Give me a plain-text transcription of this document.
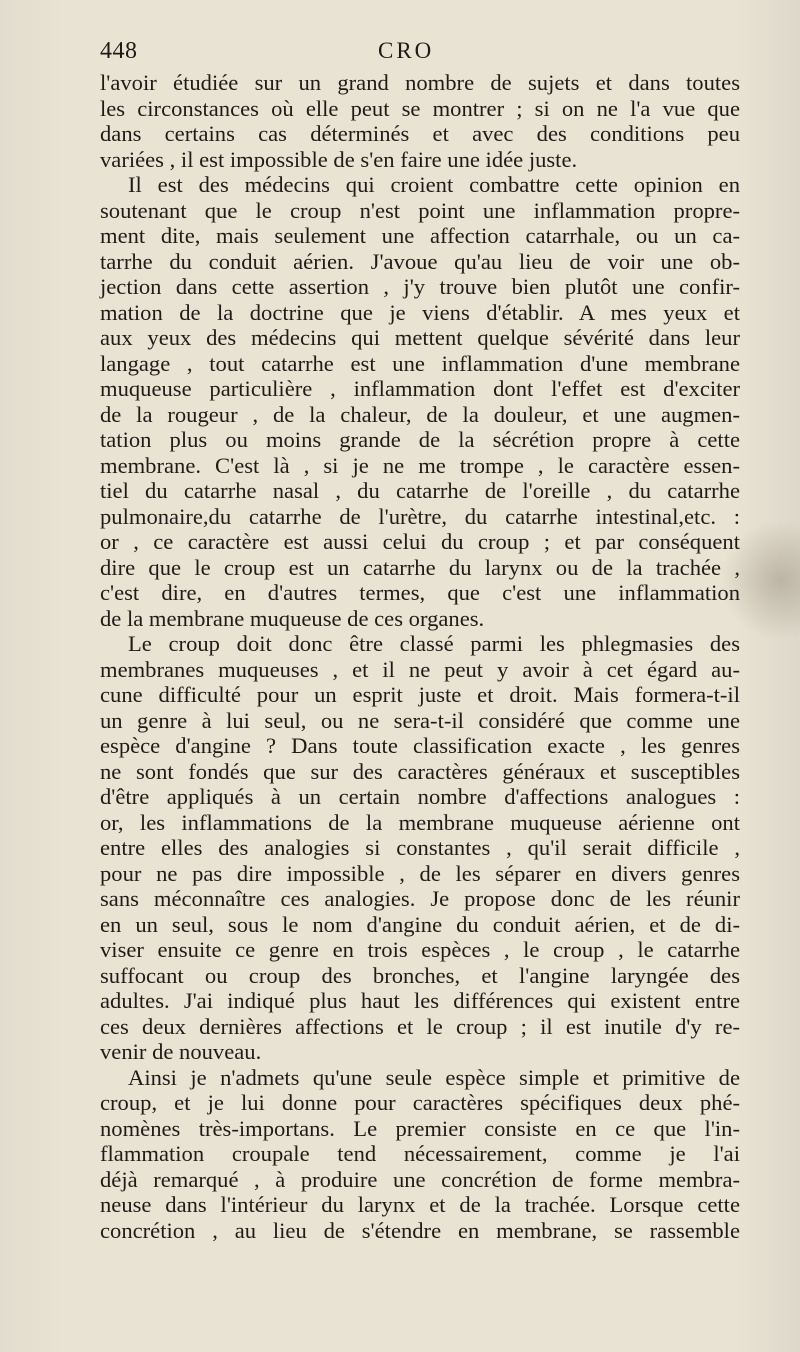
448	CRO
l'avoir étudiée sur un grand nombre de sujets et dans toutes
les circonstances où elle peut se montrer ; si on ne l'a vue que
dans certains cas déterminés et avec des conditions peu
variées , il est impossible de s'en faire une idée juste.
Il est des médecins qui croient combattre cette opinion en
soutenant que le croup n'est point une inflammation propre-
ment dite, mais seulement une affection catarrhale, ou un ca-
tarrhe du conduit aérien. J'avoue qu'au lieu de voir une ob-
jection dans cette assertion , j'y trouve bien plutôt une confir-
mation de la doctrine que je viens d'établir. A mes yeux et
aux yeux des médecins qui mettent quelque sévérité dans leur
langage , tout catarrhe est une inflammation d'une membrane
muqueuse particulière , inflammation dont l'effet est d'exciter
de la rougeur , de la chaleur, de la douleur, et une augmen-
tation plus ou moins grande de la sécrétion propre à cette
membrane. C'est là , si je ne me trompe , le caractère essen-
tiel du catarrhe nasal , du catarrhe de l'oreille , du catarrhe
pulmonaire,du catarrhe de l'urètre, du catarrhe intestinal,etc. :
or , ce caractère est aussi celui du croup ; et par conséquent
dire que le croup est un catarrhe du larynx ou de la trachée ,
c'est dire, en d'autres termes, que c'est une inflammation
de la membrane muqueuse de ces organes.
Le croup doit donc être classé parmi les phlegmasies des
membranes muqueuses , et il ne peut y avoir à cet égard au-
cune difficulté pour un esprit juste et droit. Mais formera-t-il
un genre à lui seul, ou ne sera-t-il considéré que comme une
espèce d'angine ? Dans toute classification exacte , les genres
ne sont fondés que sur des caractères généraux et susceptibles
d'être appliqués à un certain nombre d'affections analogues :
or, les inflammations de la membrane muqueuse aérienne ont
entre elles des analogies si constantes , qu'il serait difficile ,
pour ne pas dire impossible , de les séparer en divers genres
sans méconnaître ces analogies. Je propose donc de les réunir
en un seul, sous le nom d'angine du conduit aérien, et de di-
viser ensuite ce genre en trois espèces , le croup , le catarrhe
suffocant ou croup des bronches, et l'angine laryngée des
adultes. J'ai indiqué plus haut les différences qui existent entre
ces deux dernières affections et le croup ; il est inutile d'y re-
venir de nouveau.
Ainsi je n'admets qu'une seule espèce simple et primitive de
croup, et je lui donne pour caractères spécifiques deux phé-
nomènes très-importans. Le premier consiste en ce que l'in-
flammation croupale tend nécessairement, comme je l'ai
déjà remarqué , à produire une concrétion de forme membra-
neuse dans l'intérieur du larynx et de la trachée. Lorsque cette
concrétion , au lieu de s'étendre en membrane, se rassemble
